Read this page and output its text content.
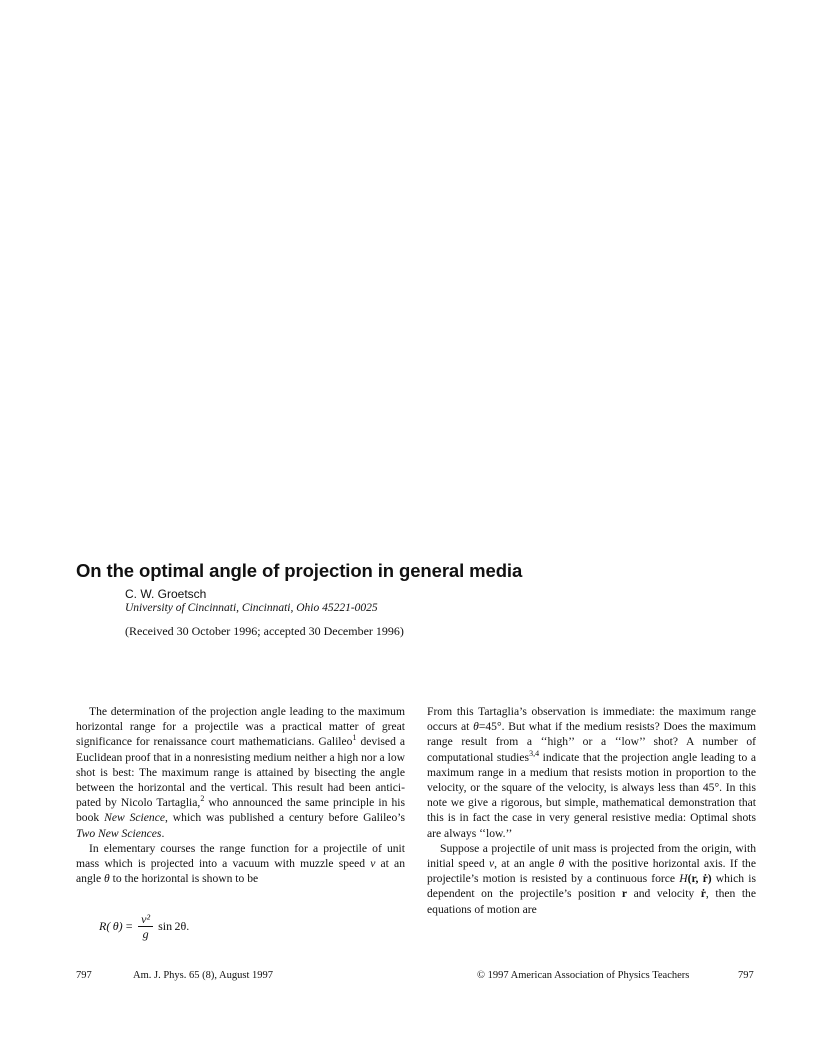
On the optimal angle of projection in general media
C. W. Groetsch
University of Cincinnati, Cincinnati, Ohio 45221-0025
(Received 30 October 1996; accepted 30 December 1996)

The determination of the projection angle leading to the maximum horizontal range for a projectile was a practical matter of great significance for renaissance court mathematicians. Galileo$^1$ devised a Euclidean proof that in a nonresisting medium neither a high nor a low shot is best: The maximum range is attained by bisecting the angle between the horizontal and the vertical. This result had been anticipated by Nicolo Tartaglia,$^2$ who announced the same principle in his book New Science, which was published a century before Galileo’s Two New Sciences.

In elementary courses the range function for a projectile of unit mass which is projected into a vacuum with muzzle speed v at an angle θ to the horizontal is shown to be

R( $\theta) = \frac{\text{v²}}{g}$ sin 2θ.

From this Tartaglia’s observation is immediate: the maximum range occurs at θ=45°. But what if the medium resists? Does the maximum range result from a ‘‘high’’ or a ‘‘low’’ shot? A number of computational studies$^{3,4}$ indicate that the projection angle leading to a maximum range in a medium that resists motion in proportion to the velocity, or the square of the velocity, is always less than 45°. In this note we give a rigorous, but simple, mathematical demonstration that this is in fact the case in very general resistive media: Optimal shots are always ‘‘low.’’

Suppose a projectile of unit mass is projected from the origin, with initial speed v, at an angle θ with the positive horizontal axis. If the projectile’s motion is resisted by a continuous force H(r, ṙ) which is dependent on the projectile’s position r and velocity ṙ, then the equations of motion are

797	Am. J. Phys. 65 (8), August 1997	© 1997 American Association of Physics Teachers	797
